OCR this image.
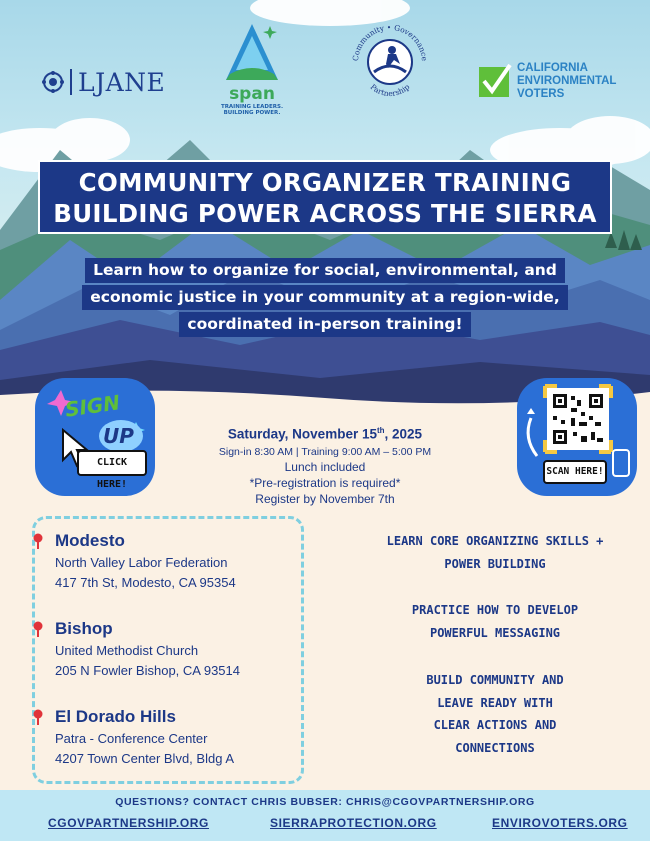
LJANE	span
TRAINING LEADERS.
BUILDING POWER.
Community • Governance
Partnership
CALIFORNIA
ENVIRONMENTAL
VOTERS
COMMUNITY ORGANIZER TRAINING
BUILDING POWER ACROSS THE SIERRA
Learn how to organize for social, environmental, and
economic justice in your community at a region-wide,
coordinated in-person training!
SIGN
UP
CLICK HERE!
SCAN HERE!
Saturday, November 15th, 2025
Sign-in 8:30 AM | Training 9:00 AM – 5:00 PM
Lunch included
*Pre-registration is required*
Register by November 7th
Modesto
North Valley Labor Federation
417 7th St, Modesto, CA 95354
Bishop
United Methodist Church
205 N Fowler Bishop, CA 93514
El Dorado Hills
Patra - Conference Center
4207 Town Center Blvd, Bldg A
LEARN CORE ORGANIZING SKILLS +
POWER BUILDING
PRACTICE HOW TO DEVELOP
POWERFUL MESSAGING
BUILD COMMUNITY AND
LEAVE READY WITH
CLEAR ACTIONS AND
CONNECTIONS
QUESTIONS? CONTACT CHRIS BUBSER: CHRIS@CGOVPARTNERSHIP.ORG
CGOVPARTNERSHIP.ORG	SIERRAPROTECTION.ORG	ENVIROVOTERS.ORG
